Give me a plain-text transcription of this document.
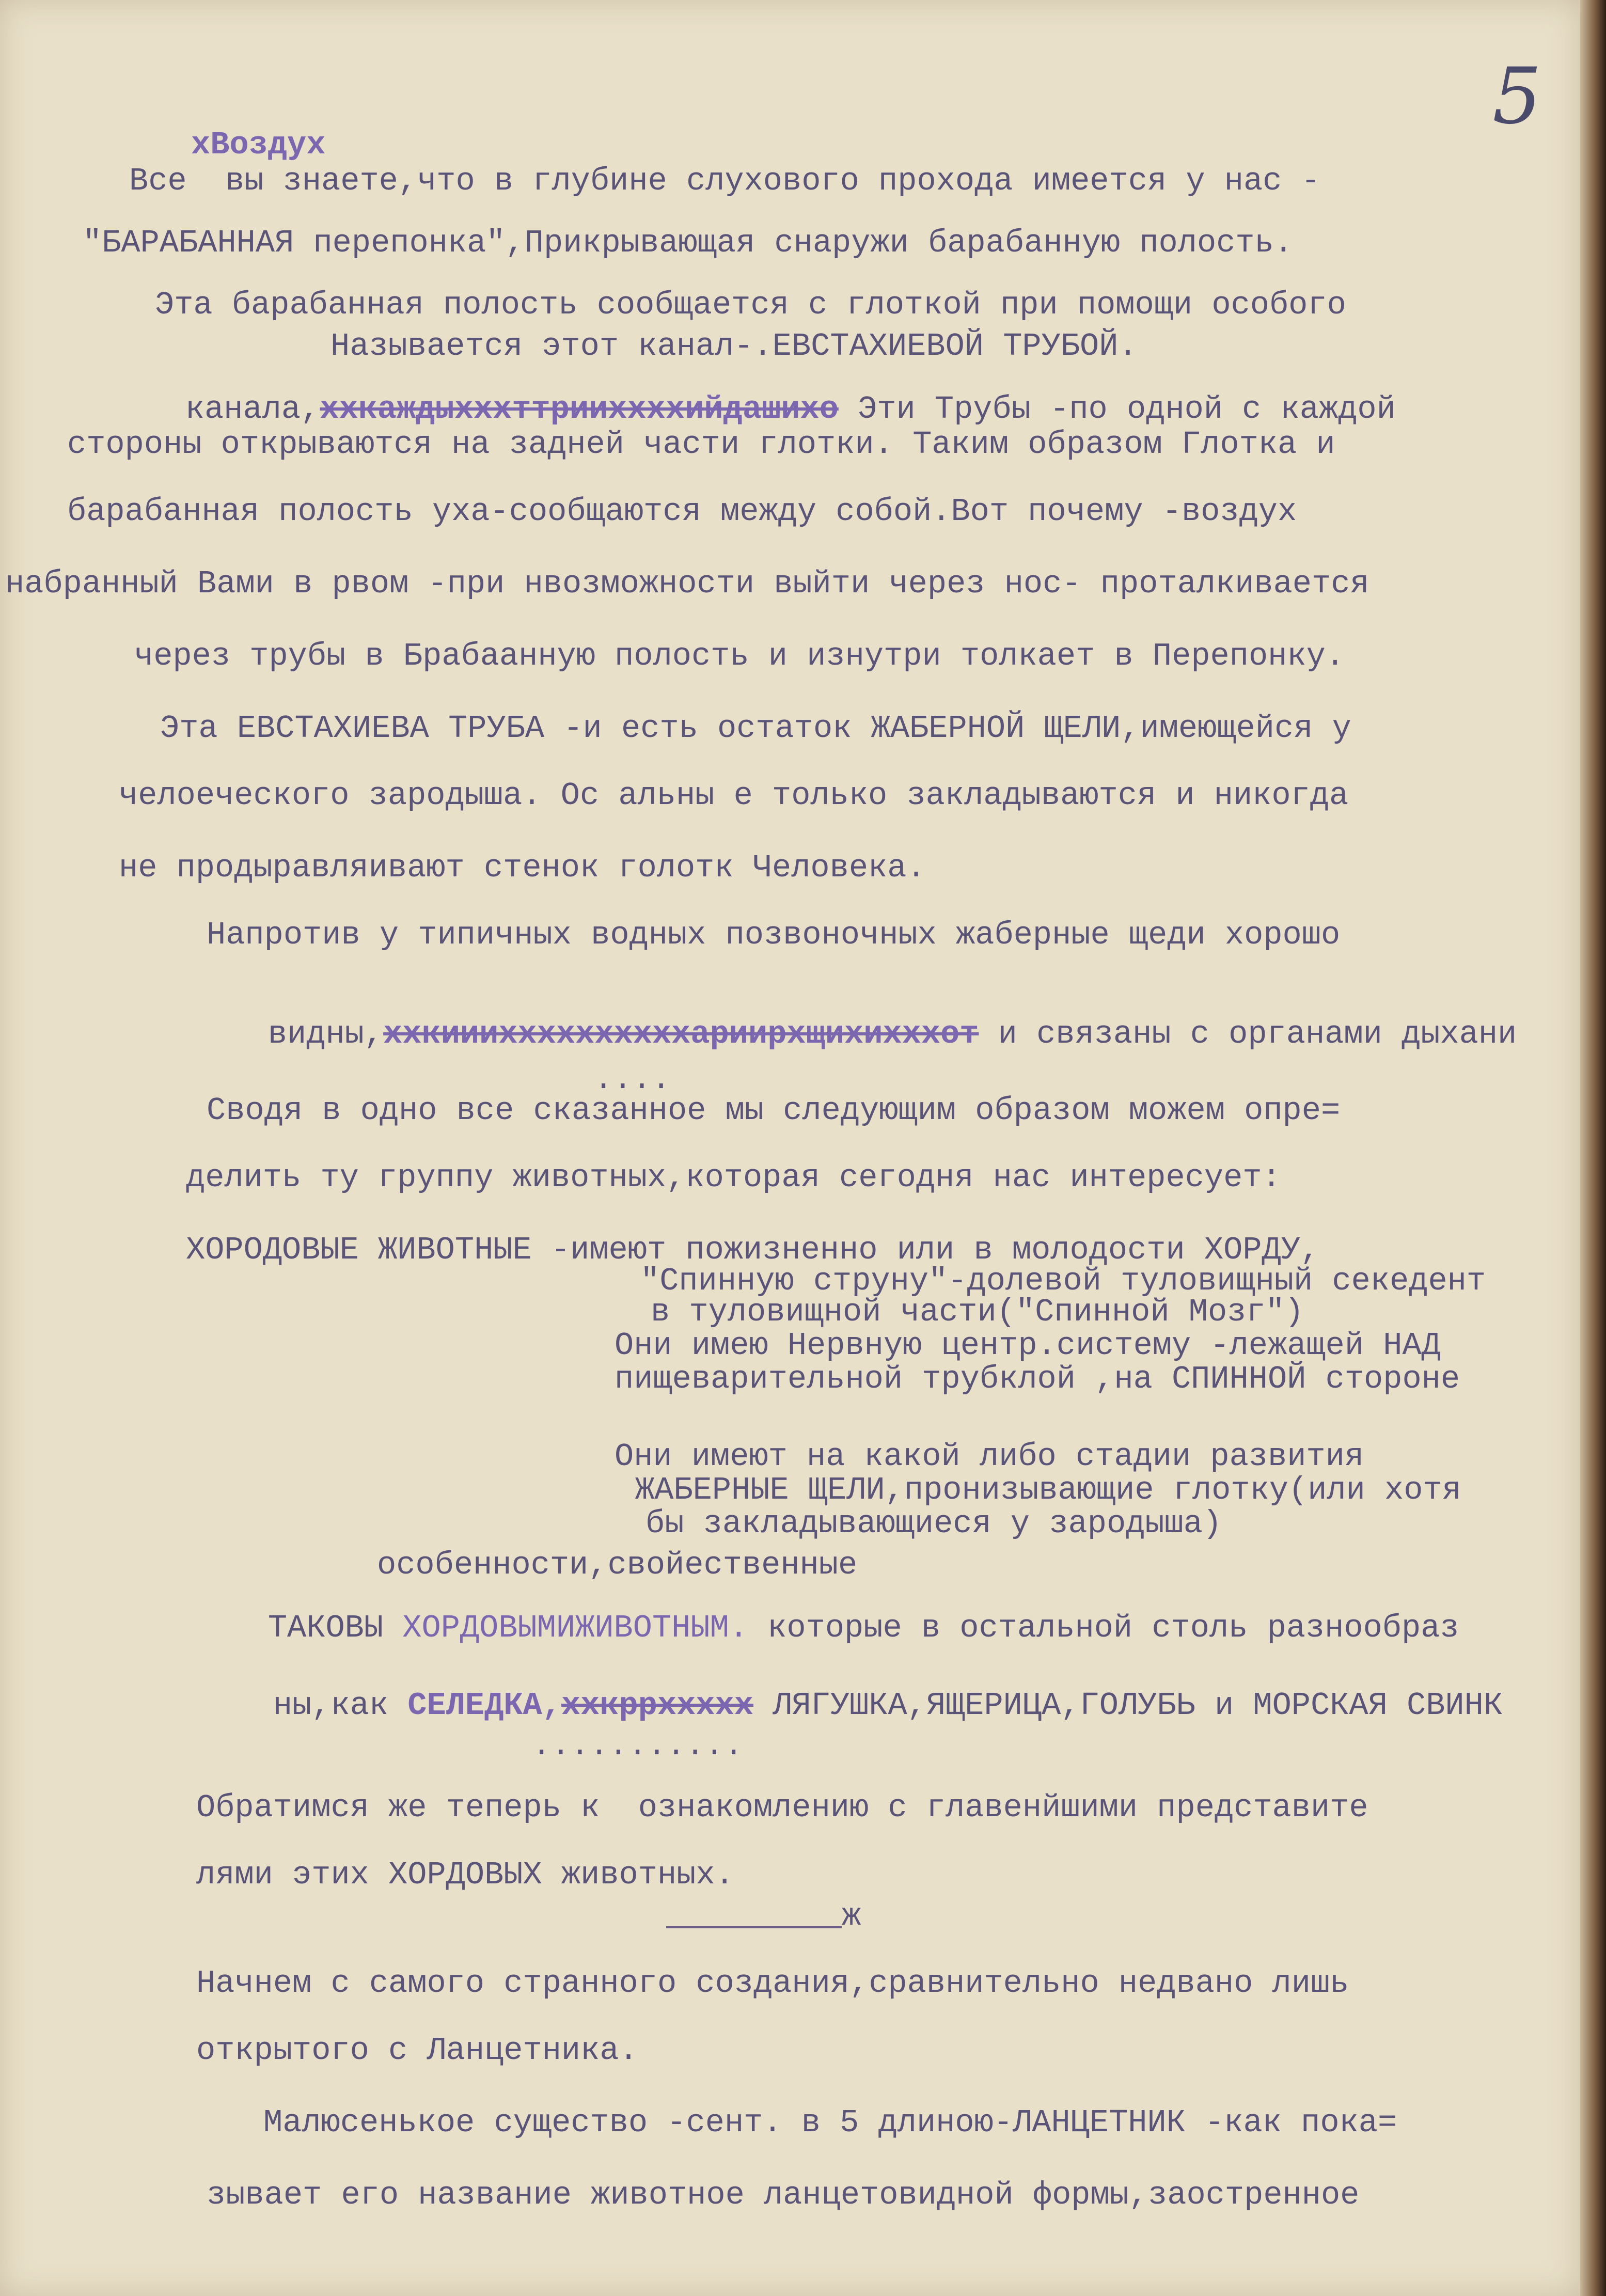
5
хВоздух
Все  вы знаете,что в глубине слухового прохода имеется у нас -
"БАРАБАННАЯ перепонка",Прикрывающая снаружи барабанную полость.
Эта барабанная полость сообщается с глоткой при помощи особого
Называется этот канал-.ЕВСТАХИЕВОЙ ТРУБОЙ.

канала,ххкаждыхххттрииххххийдашихо Эти Трубы -по одной с каждой

стороны открываются на задней части глотки. Таким образом Глотка и
барабанная полость уха-сообщаются между собой.Вот почему -воздух
набранный Вами в рвом -при нвозможности выйти через нос- проталкивается
через трубы в Брабаанную полость и изнутри толкает в Перепонку.
Эта ЕВСТАХИЕВА ТРУБА -и есть остаток ЖАБЕРНОЙ ЩЕЛИ,имеющейся у
челоеческого зародыша. Ос альны е только закладываются и никогда
не продыравляивают стенок голотк Человека.
Напротив у типичных водных позвоночных жаберные щеди хорошо

видны,ххкиииххххххххххариирхщихихххот и связаны с органами дыхани

....
Сводя в одно все сказанное мы следующим образом можем опре=
делить ту группу животных,которая сегодня нас интересует:
ХОРОДОВЫЕ ЖИВОТНЫЕ -имеют пожизненно или в молодости ХОРДУ,
"Спинную струну"-долевой туловищный секедент
в туловищной части("Спинной Мозг")
Они имею Нервную центр.систему -лежащей НАД
пищеварительной трубклой ,на СПИННОЙ стороне
Они имеют на какой либо стадии развития
ЖАБЕРНЫЕ ЩЕЛИ,пронизывающие глотку(или хотя
бы закладывающиеся у зародыша)
особенности,свойественные

ТАКОВЫ ХОРДОВЫМИЖИВОТНЫМ. которые в остальной столь разнообраз

ны,как СЕЛЕДКА,ххкррххххх ЛЯГУШКА,ЯЩЕРИЦА,ГОЛУБЬ и МОРСКАЯ СВИНК

...........
Обратимся же теперь к  ознакомлению с главенйшими представите
лями этих ХОРДОВЫХ животных.
ж
Начнем с самого странного создания,сравнительно недвано лишь
открытого с Ланцетника.
Малюсенькое существо -сент. в 5 длиною-ЛАНЦЕТНИК -как пока=
зывает его название животное ланцетовидной формы,заостренное
